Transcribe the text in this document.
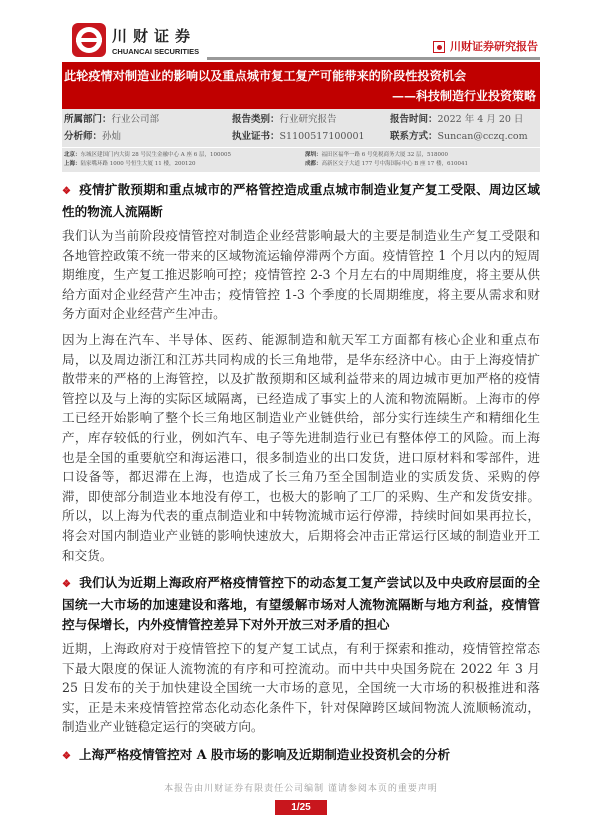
川财证券
CHUANCAI SECURITIES	川财证券研究报告
此轮疫情对制造业的影响以及重点城市复工复产可能带来的阶段性投资机会
——科技制造行业投资策略
所属部门：行业公司部	报告类别：行业研究报告	报告时间：2022 年 4 月 20 日
分析师：孙灿	执业证书：S1100517100001	联系方式：Suncan@cczq.com
北京：东城区建国门内大街 28 号民生金融中心 A 座 6 层，100005	深圳：福田区福华一路 6 号免税商务大厦 32 层，518000
上海：陆家嘴环路 1000 号恒生大厦 11 楼，200120	成都：高新区交子大道 177 号中海国际中心 B 座 17 楼，610041
❖ 疫情扩散预期和重点城市的严格管控造成重点城市制造业复产复工受限、周边区域性的物流人流隔断
我们认为当前阶段疫情管控对制造企业经营影响最大的主要是制造业生产复工受限和各地管控政策不统一带来的区域物流运输停滞两个方面。疫情管控 1 个月以内的短周期维度，生产复工推迟影响可控；疫情管控 2-3 个月左右的中周期维度，将主要从供给方面对企业经营产生冲击；疫情管控 1-3 个季度的长周期维度，将主要从需求和财务方面对企业经营产生冲击。
因为上海在汽车、半导体、医药、能源制造和航天军工方面都有核心企业和重点布局，以及周边浙江和江苏共同构成的长三角地带，是华东经济中心。由于上海疫情扩散带来的严格的上海管控，以及扩散预期和区域利益带来的周边城市更加严格的疫情管控以及与上海的实际区域隔离，已经造成了事实上的人流和物流隔断。上海市的停工已经开始影响了整个长三角地区制造业产业链供给，部分实行连续生产和精细化生产，库存较低的行业，例如汽车、电子等先进制造行业已有整体停工的风险。而上海也是全国的重要航空和海运港口，很多制造业的出口发货，进口原材料和零部件，进口设备等，都迟滞在上海，也造成了长三角乃至全国制造业的实质发货、采购的停滞，即使部分制造业本地没有停工，也极大的影响了工厂的采购、生产和发货安排。所以，以上海为代表的重点制造业和中转物流城市运行停滞，持续时间如果再拉长，将会对国内制造业产业链的影响快速放大，后期将会冲击正常运行区域的制造业开工和交货。
❖ 我们认为近期上海政府严格疫情管控下的动态复工复产尝试以及中央政府层面的全国统一大市场的加速建设和落地，有望缓解市场对人流物流隔断与地方利益，疫情管控与保增长，内外疫情管控差异下对外开放三对矛盾的担心
近期，上海政府对于疫情管控下的复产复工试点，有利于探索和推动，疫情管控常态下最大限度的保证人流物流的有序和可控流动。而中共中央国务院在 2022 年 3 月 25 日发布的关于加快建设全国统一大市场的意见，全国统一大市场的积极推进和落实，正是未来疫情管控常态化动态化条件下，针对保障跨区域间物流人流顺畅流动，制造业产业链稳定运行的突破方向。
❖ 上海严格疫情管控对 A 股市场的影响及近期制造业投资机会的分析
本报告由川财证券有限责任公司编制 谨请参阅本页的重要声明
1/25
